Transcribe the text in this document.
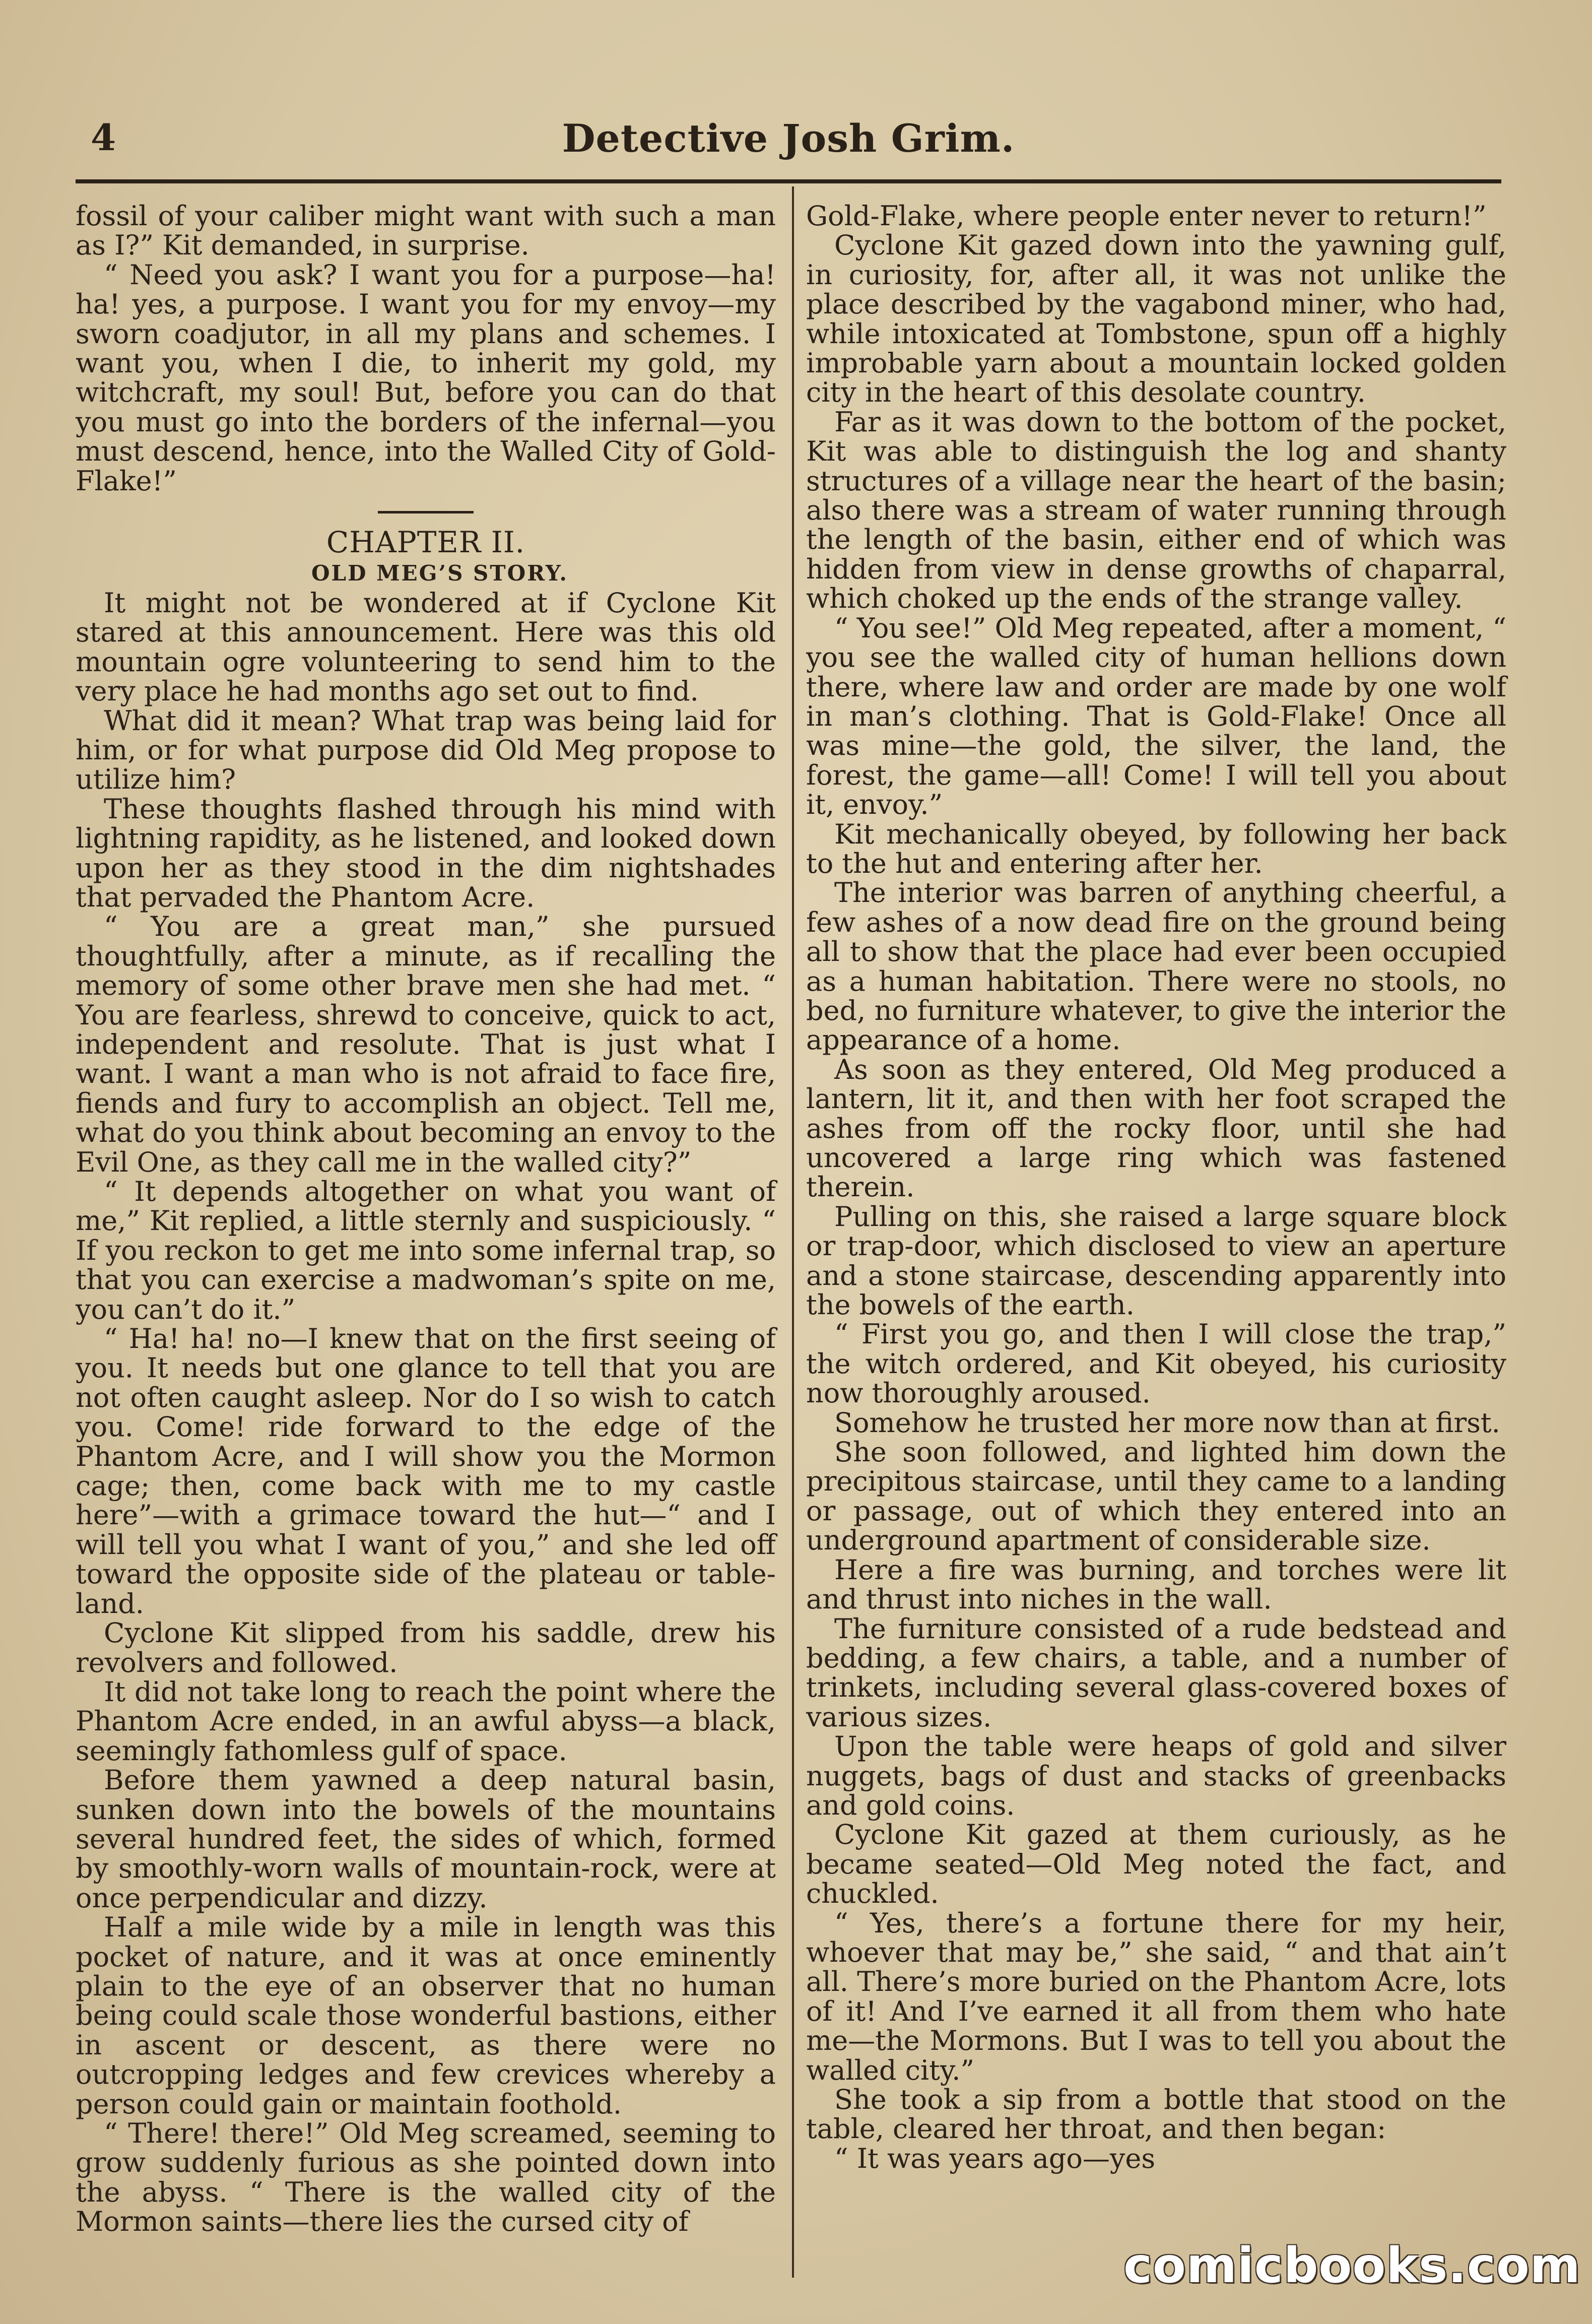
4	Detective Josh Grim.

fossil of your caliber might want with such a man as I?” Kit demanded, in surprise.

“ Need you ask? I want you for a purpose—ha! ha! yes, a purpose. I want you for my envoy—my sworn coadjutor, in all my plans and schemes. I want you, when I die, to inherit my gold, my witchcraft, my soul! But, before you can do that you must go into the borders of the infernal—you must descend, hence, into the Walled City of Gold-Flake!”

CHAPTER II.

OLD MEG’S STORY.

It might not be wondered at if Cyclone Kit stared at this announcement. Here was this old mountain ogre volunteering to send him to the very place he had months ago set out to find.

What did it mean? What trap was being laid for him, or for what purpose did Old Meg propose to utilize him?

These thoughts flashed through his mind with lightning rapidity, as he listened, and looked down upon her as they stood in the dim nightshades that pervaded the Phantom Acre.

“ You are a great man,” she pursued thoughtfully, after a minute, as if recalling the memory of some other brave men she had met. “ You are fearless, shrewd to conceive, quick to act, independent and resolute. That is just what I want. I want a man who is not afraid to face fire, fiends and fury to accomplish an object. Tell me, what do you think about becoming an envoy to the Evil One, as they call me in the walled city?”

“ It depends altogether on what you want of me,” Kit replied, a little sternly and suspiciously. “ If you reckon to get me into some infernal trap, so that you can exercise a madwoman’s spite on me, you can’t do it.”

“ Ha! ha! no—I knew that on the first seeing of you. It needs but one glance to tell that you are not often caught asleep. Nor do I so wish to catch you. Come! ride forward to the edge of the Phantom Acre, and I will show you the Mormon cage; then, come back with me to my castle here”—with a grimace toward the hut—“ and I will tell you what I want of you,” and she led off toward the opposite side of the plateau or table-land.

Cyclone Kit slipped from his saddle, drew his revolvers and followed.

It did not take long to reach the point where the Phantom Acre ended, in an awful abyss—a black, seemingly fathomless gulf of space.

Before them yawned a deep natural basin, sunken down into the bowels of the mountains several hundred feet, the sides of which, formed by smoothly-worn walls of mountain-rock, were at once perpendicular and dizzy.

Half a mile wide by a mile in length was this pocket of nature, and it was at once eminently plain to the eye of an observer that no human being could scale those wonderful bastions, either in ascent or descent, as there were no outcropping ledges and few crevices whereby a person could gain or maintain foothold.

“ There! there!” Old Meg screamed, seeming to grow suddenly furious as she pointed down into the abyss. “ There is the walled city of the Mormon saints—there lies the cursed city of

Gold-Flake, where people enter never to return!”

Cyclone Kit gazed down into the yawning gulf, in curiosity, for, after all, it was not unlike the place described by the vagabond miner, who had, while intoxicated at Tombstone, spun off a highly improbable yarn about a mountain locked golden city in the heart of this desolate country.

Far as it was down to the bottom of the pocket, Kit was able to distinguish the log and shanty structures of a village near the heart of the basin; also there was a stream of water running through the length of the basin, either end of which was hidden from view in dense growths of chaparral, which choked up the ends of the strange valley.

“ You see!” Old Meg repeated, after a moment, “ you see the walled city of human hellions down there, where law and order are made by one wolf in man’s clothing. That is Gold-Flake! Once all was mine—the gold, the silver, the land, the forest, the game—all! Come! I will tell you about it, envoy.”

Kit mechanically obeyed, by following her back to the hut and entering after her.

The interior was barren of anything cheerful, a few ashes of a now dead fire on the ground being all to show that the place had ever been occupied as a human habitation. There were no stools, no bed, no furniture whatever, to give the interior the appearance of a home.

As soon as they entered, Old Meg produced a lantern, lit it, and then with her foot scraped the ashes from off the rocky floor, until she had uncovered a large ring which was fastened therein.

Pulling on this, she raised a large square block or trap-door, which disclosed to view an aperture and a stone staircase, descending apparently into the bowels of the earth.

“ First you go, and then I will close the trap,” the witch ordered, and Kit obeyed, his curiosity now thoroughly aroused.

Somehow he trusted her more now than at first.

She soon followed, and lighted him down the precipitous staircase, until they came to a landing or passage, out of which they entered into an underground apartment of considerable size.

Here a fire was burning, and torches were lit and thrust into niches in the wall.

The furniture consisted of a rude bedstead and bedding, a few chairs, a table, and a number of trinkets, including several glass-covered boxes of various sizes.

Upon the table were heaps of gold and silver nuggets, bags of dust and stacks of greenbacks and gold coins.

Cyclone Kit gazed at them curiously, as he became seated—Old Meg noted the fact, and chuckled.

“ Yes, there’s a fortune there for my heir, whoever that may be,” she said, “ and that ain’t all. There’s more buried on the Phantom Acre, lots of it! And I’ve earned it all from them who hate me—the Mormons. But I was to tell you about the walled city.”

She took a sip from a bottle that stood on the table, cleared her throat, and then began:

“ It was years ago—yes

comicbooks.com
